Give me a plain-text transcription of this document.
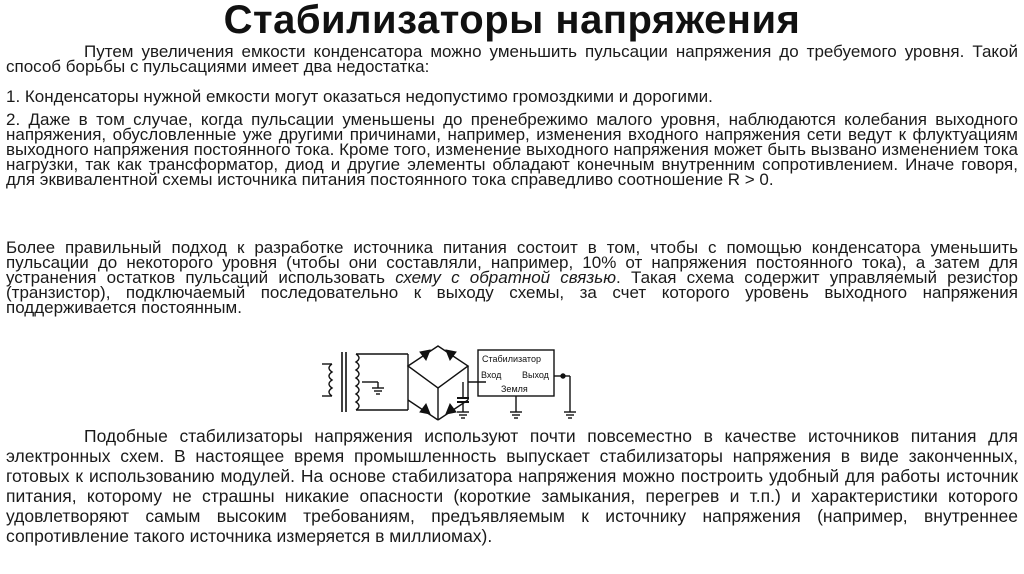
Стабилизаторы напряжения
Путем увеличения емкости конденсатора можно уменьшить пульсации напряжения до требуемого уровня. Такой способ борьбы с пульсациями имеет два недостатка:
1. Конденсаторы нужной емкости могут оказаться недопустимо громоздкими и дорогими.
2. Даже в том случае, когда пульсации уменьшены до пренебрежимо малого уровня, наблюдаются колебания выходного напряжения, обусловленные уже другими причинами, например, изменения входного напряжения сети ведут к флуктуациям выходного напряжения постоянного тока. Кроме того, изменение выходного напряжения может быть вызвано изменением тока нагрузки, так как трансформатор, диод и другие элементы обладают конечным внутренним сопротивлением. Иначе говоря, для эквивалентной схемы источника питания постоянного тока справедливо соотношение R > 0.
Более правильный подход к разработке источника питания состоит в том, чтобы с помощью конденсатора уменьшить пульсации до некоторого уровня (чтобы они составляли, например, 10% от напряжения постоянного тока), а затем для устранения остатков пульсаций использовать схему с обратной связью. Такая схема содержит управляемый резистор (транзистор), подключаемый последовательно к выходу схемы, за счет которого уровень выходного напряжения поддерживается постоянным.
Стабилизатор
Вход Выход
Земля
Подобные стабилизаторы напряжения используют почти повсеместно в качестве источников питания для электронных схем. В настоящее время промышленность выпускает стабилизаторы напряжения в виде законченных, готовых к использованию модулей. На основе стабилизатора напряжения можно построить удобный для работы источник питания, которому не страшны никакие опасности (короткие замыкания, перегрев и т.п.) и характеристики которого удовлетворяют самым высоким требованиям, предъявляемым к источнику напряжения (например, внутреннее сопротивление такого источника измеряется в миллиомах).
